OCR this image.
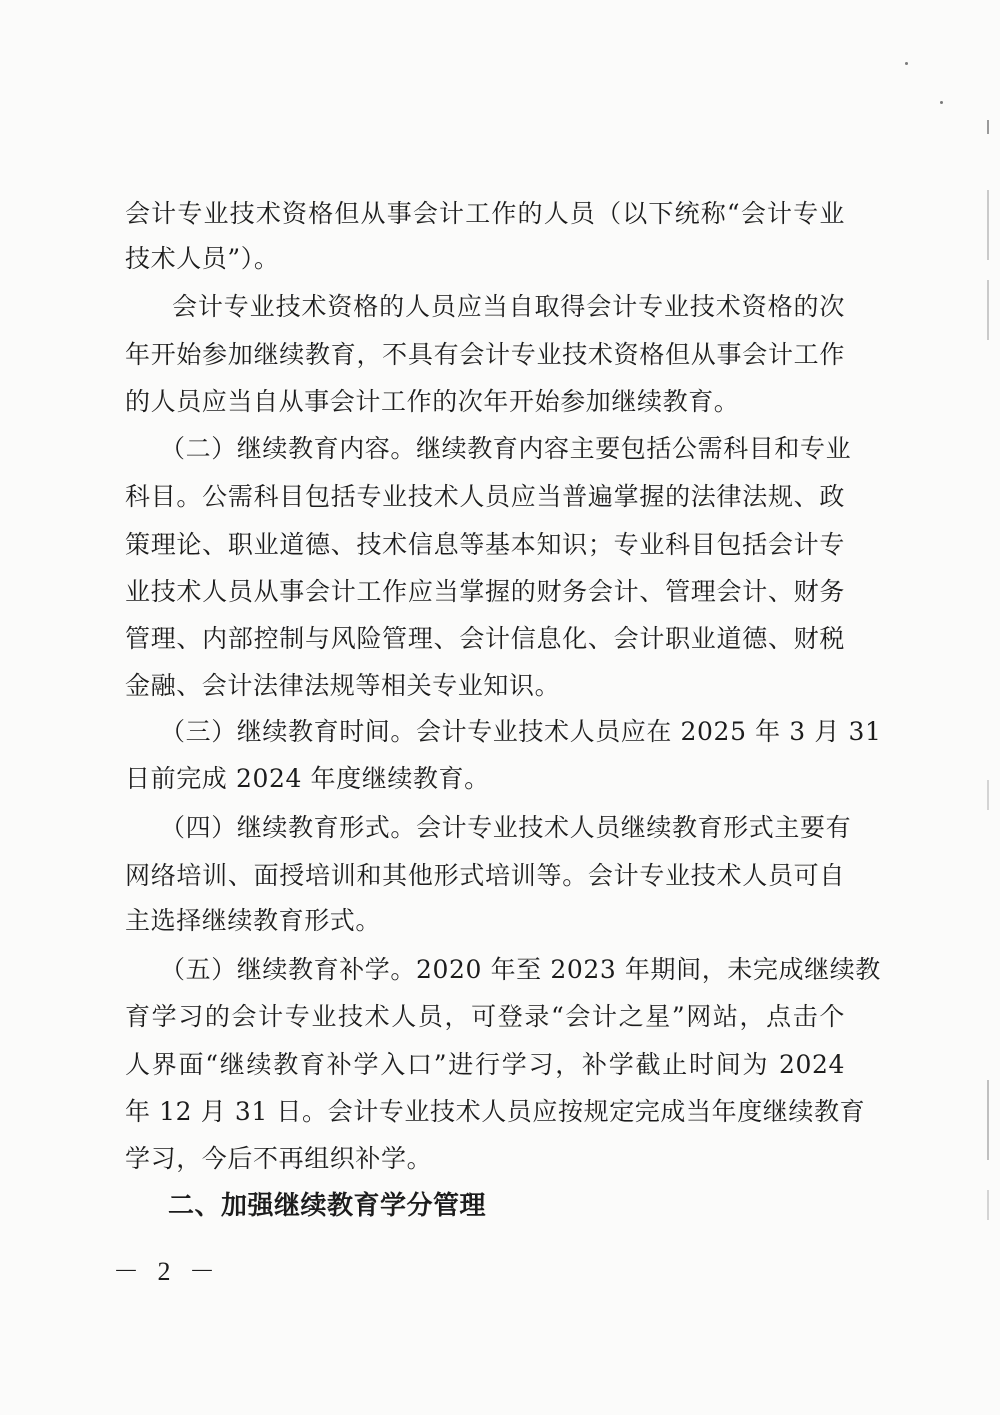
会计专业技术资格但从事会计工作的人员（以下统称“会计专业
技术人员”）。
会计专业技术资格的人员应当自取得会计专业技术资格的次
年开始参加继续教育，不具有会计专业技术资格但从事会计工作
的人员应当自从事会计工作的次年开始参加继续教育。
（二）继续教育内容。继续教育内容主要包括公需科目和专业
科目。公需科目包括专业技术人员应当普遍掌握的法律法规、政
策理论、职业道德、技术信息等基本知识；专业科目包括会计专
业技术人员从事会计工作应当掌握的财务会计、管理会计、财务
管理、内部控制与风险管理、会计信息化、会计职业道德、财税
金融、会计法律法规等相关专业知识。
（三）继续教育时间。会计专业技术人员应在 2025 年 3 月 31
日前完成 2024 年度继续教育。
（四）继续教育形式。会计专业技术人员继续教育形式主要有
网络培训、面授培训和其他形式培训等。会计专业技术人员可自
主选择继续教育形式。
（五）继续教育补学。2020 年至 2023 年期间，未完成继续教
育学习的会计专业技术人员，可登录“会计之星”网站，点击个
人界面“继续教育补学入口”进行学习，补学截止时间为 2024
年 12 月 31 日。会计专业技术人员应按规定完成当年度继续教育
学习，今后不再组织补学。
二、加强继续教育学分管理
－ 2 －
